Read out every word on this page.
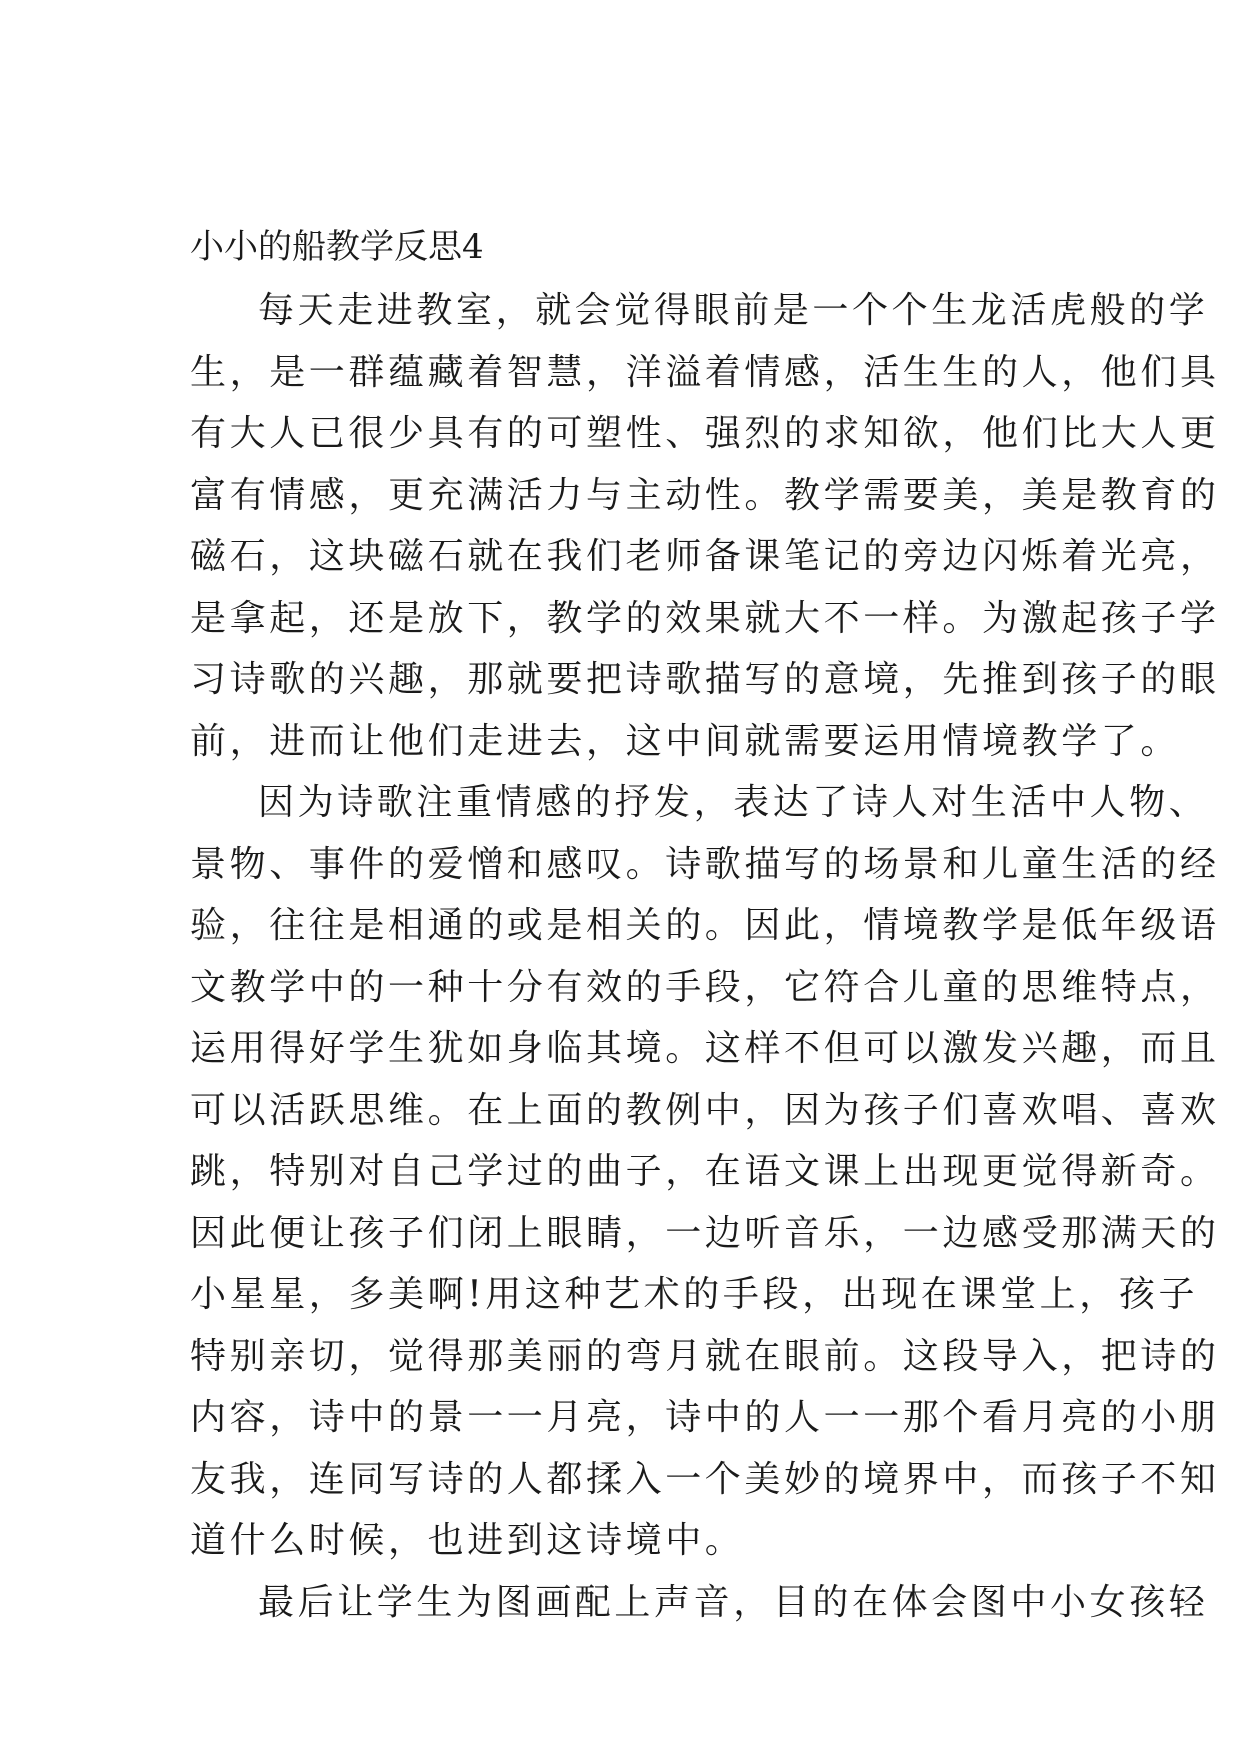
小小的船教学反思4
每天走进教室，就会觉得眼前是一个个生龙活虎般的学
生，是一群蕴藏着智慧，洋溢着情感，活生生的人，他们具
有大人已很少具有的可塑性、强烈的求知欲，他们比大人更
富有情感，更充满活力与主动性。教学需要美，美是教育的
磁石，这块磁石就在我们老师备课笔记的旁边闪烁着光亮，
是拿起，还是放下，教学的效果就大不一样。为激起孩子学
习诗歌的兴趣，那就要把诗歌描写的意境，先推到孩子的眼
前，进而让他们走进去，这中间就需要运用情境教学了。
因为诗歌注重情感的抒发，表达了诗人对生活中人物、
景物、事件的爱憎和感叹。诗歌描写的场景和儿童生活的经
验，往往是相通的或是相关的。因此，情境教学是低年级语
文教学中的一种十分有效的手段，它符合儿童的思维特点，
运用得好学生犹如身临其境。这样不但可以激发兴趣，而且
可以活跃思维。在上面的教例中，因为孩子们喜欢唱、喜欢
跳，特别对自己学过的曲子，在语文课上出现更觉得新奇。
因此便让孩子们闭上眼睛，一边听音乐，一边感受那满天的
小星星，多美啊!用这种艺术的手段，出现在课堂上，孩子
特别亲切，觉得那美丽的弯月就在眼前。这段导入，把诗的
内容，诗中的景一一月亮，诗中的人一一那个看月亮的小朋
友我，连同写诗的人都揉入一个美妙的境界中，而孩子不知
道什么时候，也进到这诗境中。
最后让学生为图画配上声音，目的在体会图中小女孩轻
